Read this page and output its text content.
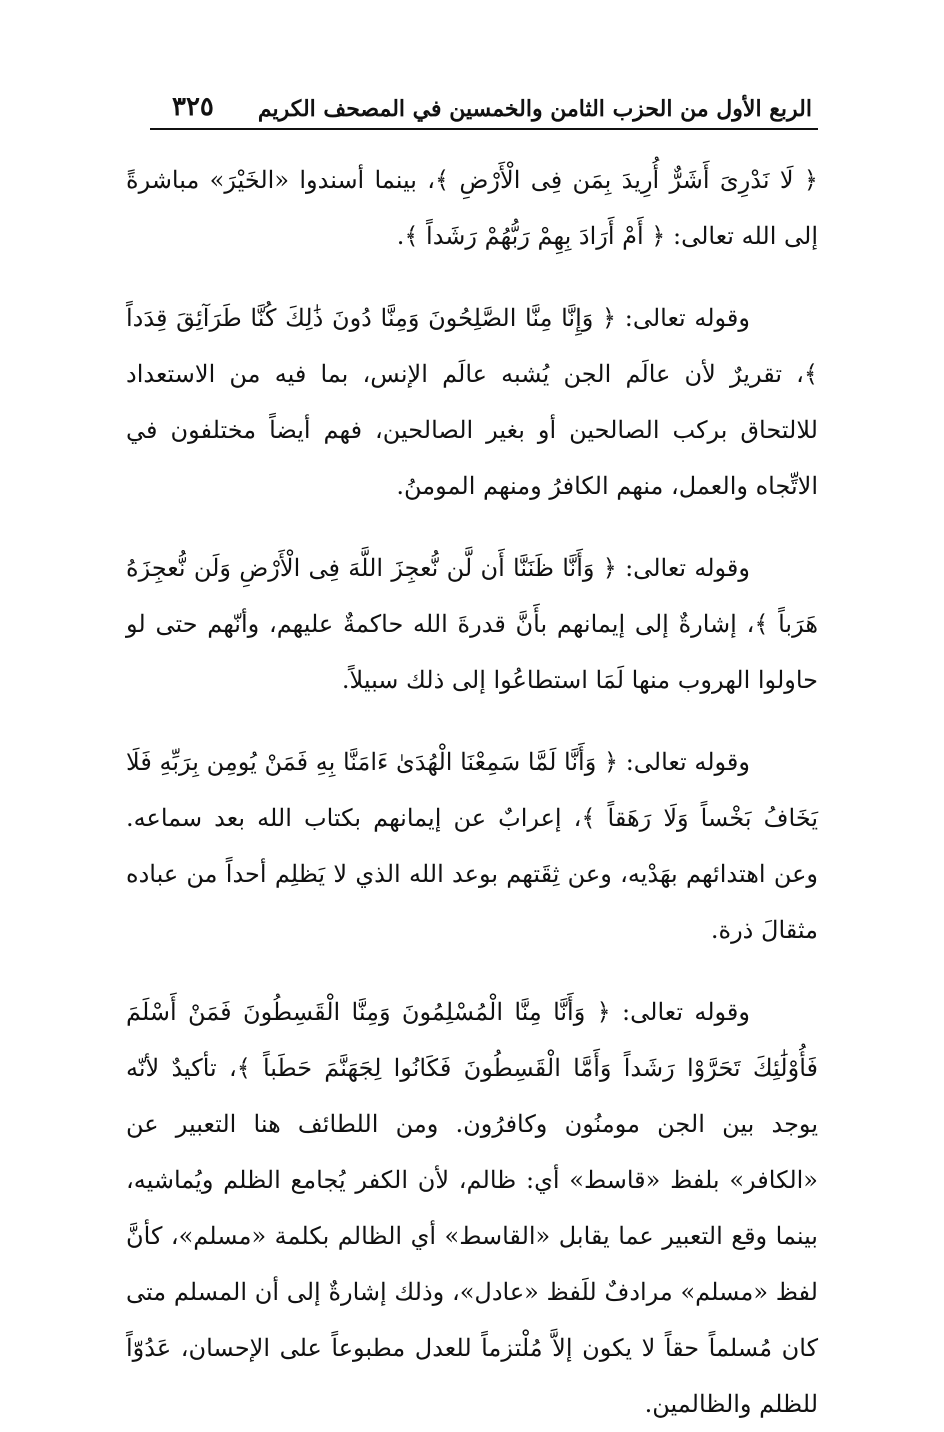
الربع الأول من الحزب الثامن والخمسين في المصحف الكريم
٣٢٥

﴿ لَا نَدْرِىَ أَشَرٌّ أُرِيدَ بِمَن فِى الْأَرْضِ ﴾، بينما أسندوا «الخَيْرَ» مباشرةً إلى الله تعالى: ﴿ أَمْ أَرَادَ بِهِمْ رَبُّهُمْ رَشَداً ﴾.

وقوله تعالى: ﴿ وَإِنَّا مِنَّا الصَّلِحُونَ وَمِنَّا دُونَ ذَٰلِكَ كُنَّا طَرَآئِقَ قِدَداً ﴾، تقريرٌ لأن عالَم الجن يُشبه عالَم الإنس، بما فيه من الاستعداد للالتحاق بركب الصالحين أو بغير الصالحين، فهم أيضاً مختلفون في الاتِّجاه والعمل، منهم الكافرُ ومنهم المومنُ.

وقوله تعالى: ﴿ وَأَنَّا ظَنَنَّا أَن لَّن نُّعجِزَ اللَّهَ فِى الْأَرْضِ وَلَن نُّعجِزَهُ هَرَباً ﴾، إشارةٌ إلى إيمانهم بأَنَّ قدرةَ الله حاكمةٌ عليهم، وأنّهم حتى لو حاولوا الهروب منها لَمَا استطاعُوا إلى ذلك سبيلاً.

وقوله تعالى: ﴿ وَأَنَّا لَمَّا سَمِعْنَا الْهُدَىٰ ءَامَنَّا بِهِ فَمَنْ يُومِن بِرَبِّهِ فَلَا يَخَافُ بَخْساً وَلَا رَهَقاً ﴾، إعرابٌ عن إيمانهم بكتاب الله بعد سماعه. وعن اهتدائهم بهَدْيه، وعن ثِقَتهم بوعد الله الذي لا يَظلِم أحداً من عباده مثقالَ ذرة.

وقوله تعالى: ﴿ وَأَنَّا مِنَّا الْمُسْلِمُونَ وَمِنَّا الْقَسِطُونَ فَمَنْ أَسْلَمَ فَأُوْلَٰئِكَ تَحَرَّوْا رَشَداً وَأَمَّا الْقَسِطُونَ فَكَانُوا لِجَهَنَّمَ حَطَباً ﴾، تأكيدٌ لأنّه يوجد بين الجن مومنُون وكافرُون. ومن اللطائف هنا التعبير عن «الكافر» بلفظ «قاسط» أي: ظالم، لأن الكفر يُجامع الظلم ويُماشيه، بينما وقع التعبير عما يقابل «القاسط» أي الظالم بكلمة «مسلم»، كأنَّ لفظ «مسلم» مرادفٌ للَفظ «عادل»، وذلك إشارةٌ إلى أن المسلم متى كان مُسلماً حقاً لا يكون إلاَّ مُلْتزماً للعدل مطبوعاً على الإحسان، عَدُوّاً للظلم والظالمين.
